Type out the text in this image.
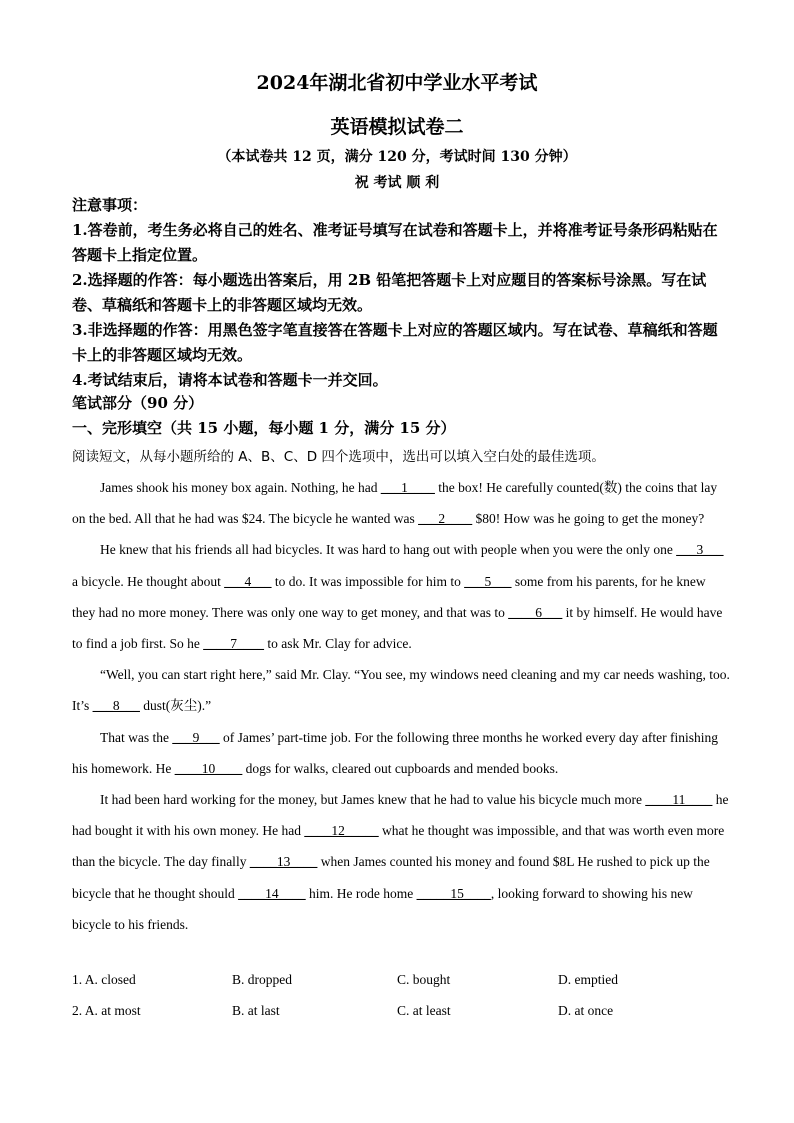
2024年湖北省初中学业水平考试
英语模拟试卷二
（本试卷共 12 页，满分 120 分，考试时间 130 分钟）
祝 考试 顺 利
注意事项：

1.答卷前，考生务必将自己的姓名、准考证号填写在试卷和答题卡上，并将准考证号条形码粘贴在答题卡上指定位置。

2.选择题的作答：每小题选出答案后，用 2B 铅笔把答题卡上对应题目的答案标号涂黑。写在试卷、草稿纸和答题卡上的非答题区域均无效。

3.非选择题的作答：用黑色签字笔直接答在答题卡上对应的答题区域内。写在试卷、草稿纸和答题卡上的非答题区域均无效。

4.考试结束后，请将本试卷和答题卡一并交回。

笔试部分（90 分）
一、完形填空（共 15 小题，每小题 1 分，满分 15 分）
阅读短文，从每小题所给的 A、B、C、D 四个选项中，选出可以填入空白处的最佳选项。

James shook his money box again. Nothing, he had ___1____ the box! He carefully counted(数) the coins that lay on the bed. All that he had was $24. The bicycle he wanted was ___2____ $80! How was he going to get the money?

He knew that his friends all had bicycles. It was hard to hang out with people when you were the only one ___3___ a bicycle. He thought about ___4___ to do. It was impossible for him to ___5___ some from his parents, for he knew they had no more money. There was only one way to get money, and that was to ____6___ it by himself. He would have to find a job first. So he ____7____ to ask Mr. Clay for advice.

“Well, you can start right here,” said Mr. Clay. “You see, my windows need cleaning and my car needs washing, too. It’s ___8___ dust(灰尘).”

That was the ___9___ of James’ part-time job. For the following three months he worked every day after finishing his homework. He ____10____ dogs for walks, cleared out cupboards and mended books.

It had been hard working for the money, but James knew that he had to value his bicycle much more ____11____ he had bought it with his own money. He had ____12_____ what he thought was impossible, and that was worth even more than the bicycle. The day finally ____13____ when James counted his money and found $8L He rushed to pick up the bicycle that he thought should ____14____ him. He rode home _____15____, looking forward to showing his new bicycle to his friends.

1. A. closed	B. dropped	C. bought	D. emptied
2. A. at most	B. at last	C. at least	D. at once
